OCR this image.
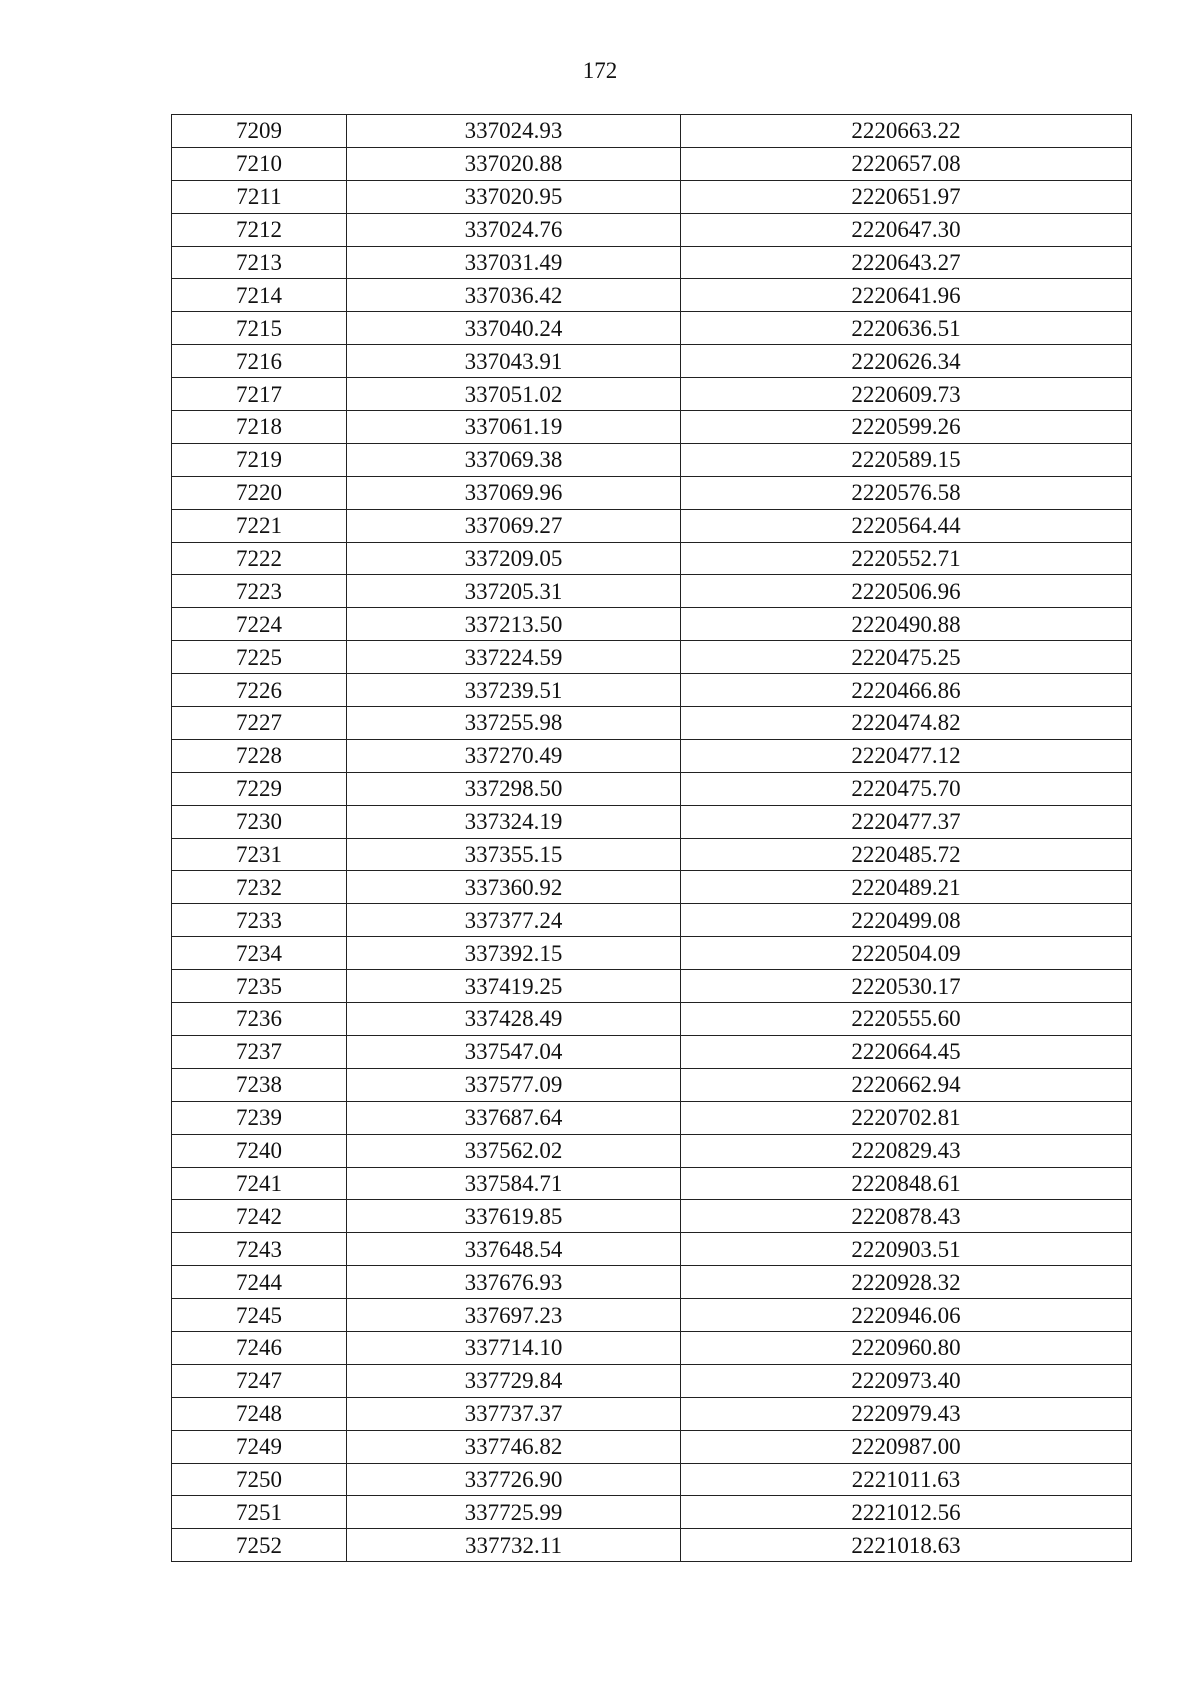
172
7209	337024.93	2220663.22
7210	337020.88	2220657.08
7211	337020.95	2220651.97
7212	337024.76	2220647.30
7213	337031.49	2220643.27
7214	337036.42	2220641.96
7215	337040.24	2220636.51
7216	337043.91	2220626.34
7217	337051.02	2220609.73
7218	337061.19	2220599.26
7219	337069.38	2220589.15
7220	337069.96	2220576.58
7221	337069.27	2220564.44
7222	337209.05	2220552.71
7223	337205.31	2220506.96
7224	337213.50	2220490.88
7225	337224.59	2220475.25
7226	337239.51	2220466.86
7227	337255.98	2220474.82
7228	337270.49	2220477.12
7229	337298.50	2220475.70
7230	337324.19	2220477.37
7231	337355.15	2220485.72
7232	337360.92	2220489.21
7233	337377.24	2220499.08
7234	337392.15	2220504.09
7235	337419.25	2220530.17
7236	337428.49	2220555.60
7237	337547.04	2220664.45
7238	337577.09	2220662.94
7239	337687.64	2220702.81
7240	337562.02	2220829.43
7241	337584.71	2220848.61
7242	337619.85	2220878.43
7243	337648.54	2220903.51
7244	337676.93	2220928.32
7245	337697.23	2220946.06
7246	337714.10	2220960.80
7247	337729.84	2220973.40
7248	337737.37	2220979.43
7249	337746.82	2220987.00
7250	337726.90	2221011.63
7251	337725.99	2221012.56
7252	337732.11	2221018.63
